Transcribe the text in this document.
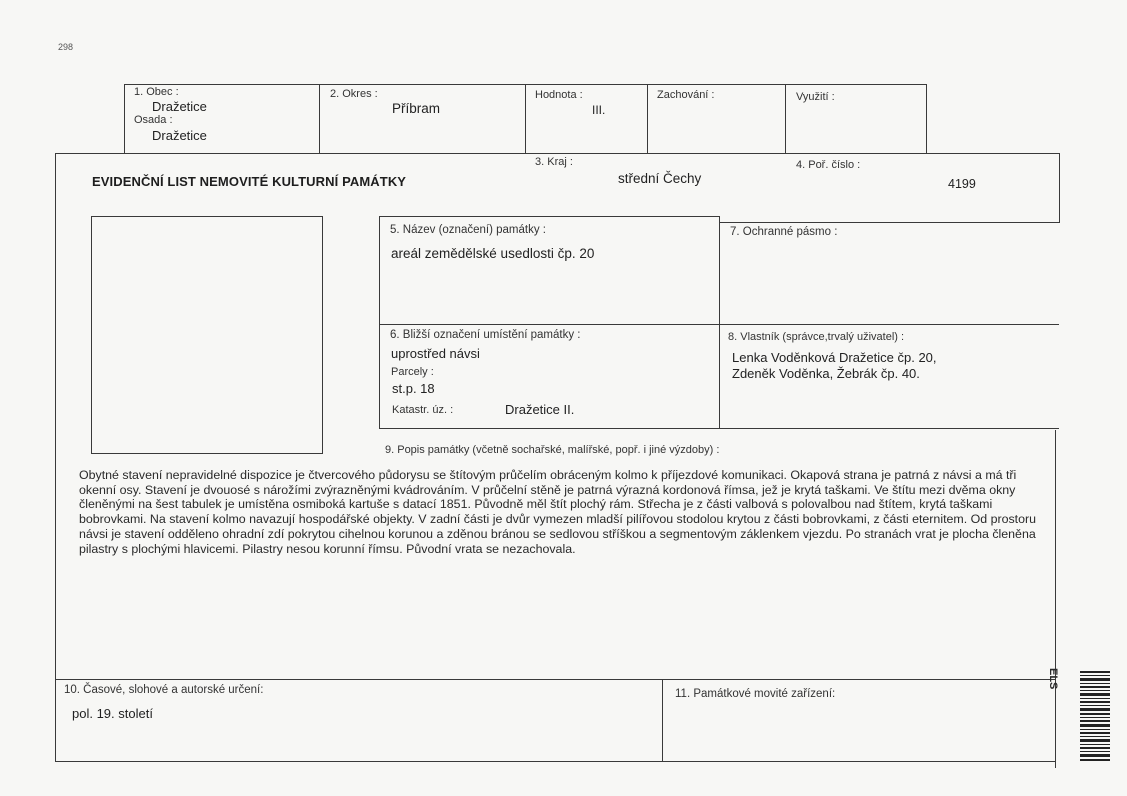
298
1. Obec :
Dražetice
Osada :
Dražetice
2. Okres :
Příbram
Hodnota :
III.
Zachování :	Využití :
EVIDENČNÍ LIST NEMOVITÉ KULTURNÍ PAMÁTKY
3. Kraj :
střední Čechy
4. Poř. číslo :
4199
5. Název (označení) památky :
areál zemědělské usedlosti čp. 20
7. Ochranné pásmo :
6. Bližší označení umístění památky :
uprostřed návsi
Parcely :
st.p. 18
Katastr. úz. :	Dražetice II.
8. Vlastník (správce,trvalý uživatel) :
Lenka Voděnková Dražetice čp. 20,
Zdeněk Voděnka, Žebrák čp. 40.
9. Popis památky (včetně sochařské, malířské, popř. i jiné výzdoby) :

Obytné stavení nepravidelné dispozice je čtvercového půdorysu se štítovým průčelím obráceným kolmo k příjezdové komunikaci. Okapová strana je patrná z návsi a má tři okenní osy. Stavení je dvouosé s nárožími zvýrazněnými kvádrováním. V průčelní stěně je patrná výrazná kordonová římsa, jež je krytá taškami. Ve štítu mezi dvěma okny členěnými na šest tabulek je umístěna osmiboká kartuše s datací 1851. Původně měl štít plochý rám. Střecha je z části valbová s polovalbou nad štítem, krytá taškami bobrovkami. Na stavení kolmo navazují hospodářské objekty. V zadní části je dvůr vymezen mladší pilířovou stodolou krytou z části bobrovkami, z části eternitem. Od prostoru návsi je stavení odděleno ohradní zdí pokrytou cihelnou korunou a zděnou bránou se sedlovou stříškou a segmentovým záklenkem vjezdu. Po stranách vrat je plocha členěna pilastry s plochými hlavicemi. Pilastry nesou korunní římsu. Původní vrata se nezachovala.

10. Časové, slohové a autorské určení:
pol. 19. století
11. Památkové movité zařízení:
ELS
